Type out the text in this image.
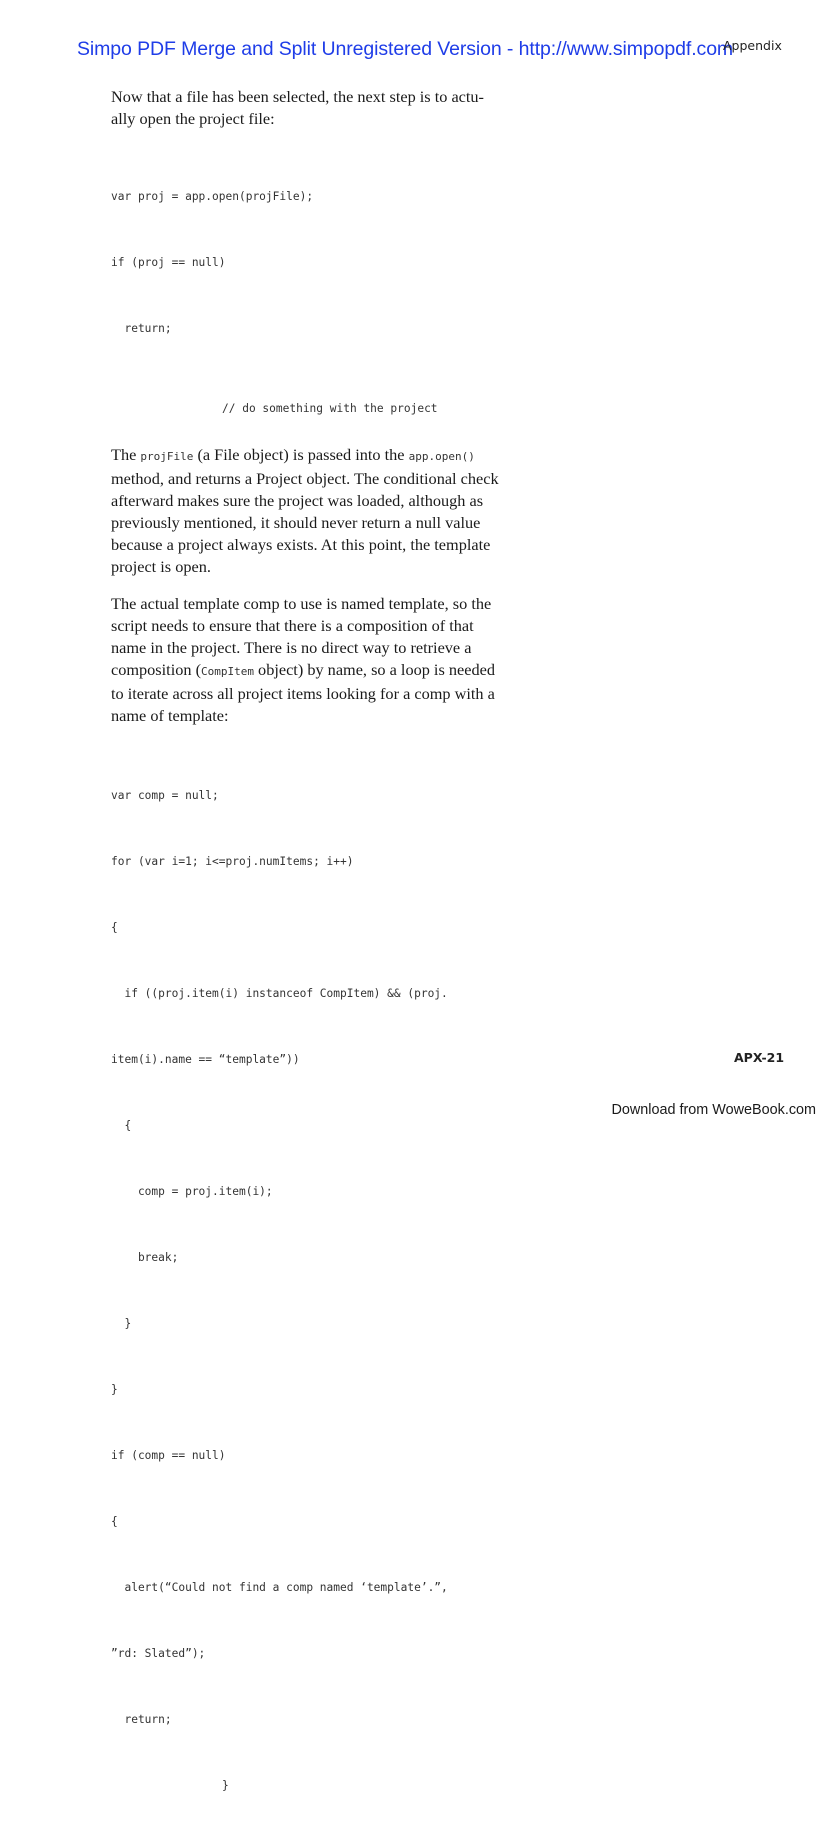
Simpo PDF Merge and Split Unregistered Version - http://www.simpopdf.com
Appendix

Now that a file has been selected, the next step is to actu-ally open the project file:

var proj = app.open(projFile);

if (proj == null)

return;

// do something with the project

The projFile (a File object) is passed into the app.open() method, and returns a Project object. The conditional check afterward makes sure the project was loaded, although as previously mentioned, it should never return a null value because a project always exists. At this point, the template project is open.

The actual template comp to use is named template, so the script needs to ensure that there is a composition of that name in the project. There is no direct way to retrieve a composition (CompItem object) by name, so a loop is needed to iterate across all project items looking for a comp with a name of template:

var comp = null;

for (var i=1; i<=proj.numItems; i++)

{

if ((proj.item(i) instanceof CompItem) && (proj.

item(i).name == “template”))

{

comp = proj.item(i);

break;

}

}

if (comp == null)

{

alert(“Could not find a comp named ‘template’.”,

”rd: Slated”);

return;

}

APX-21
Download from WoweBook.com
